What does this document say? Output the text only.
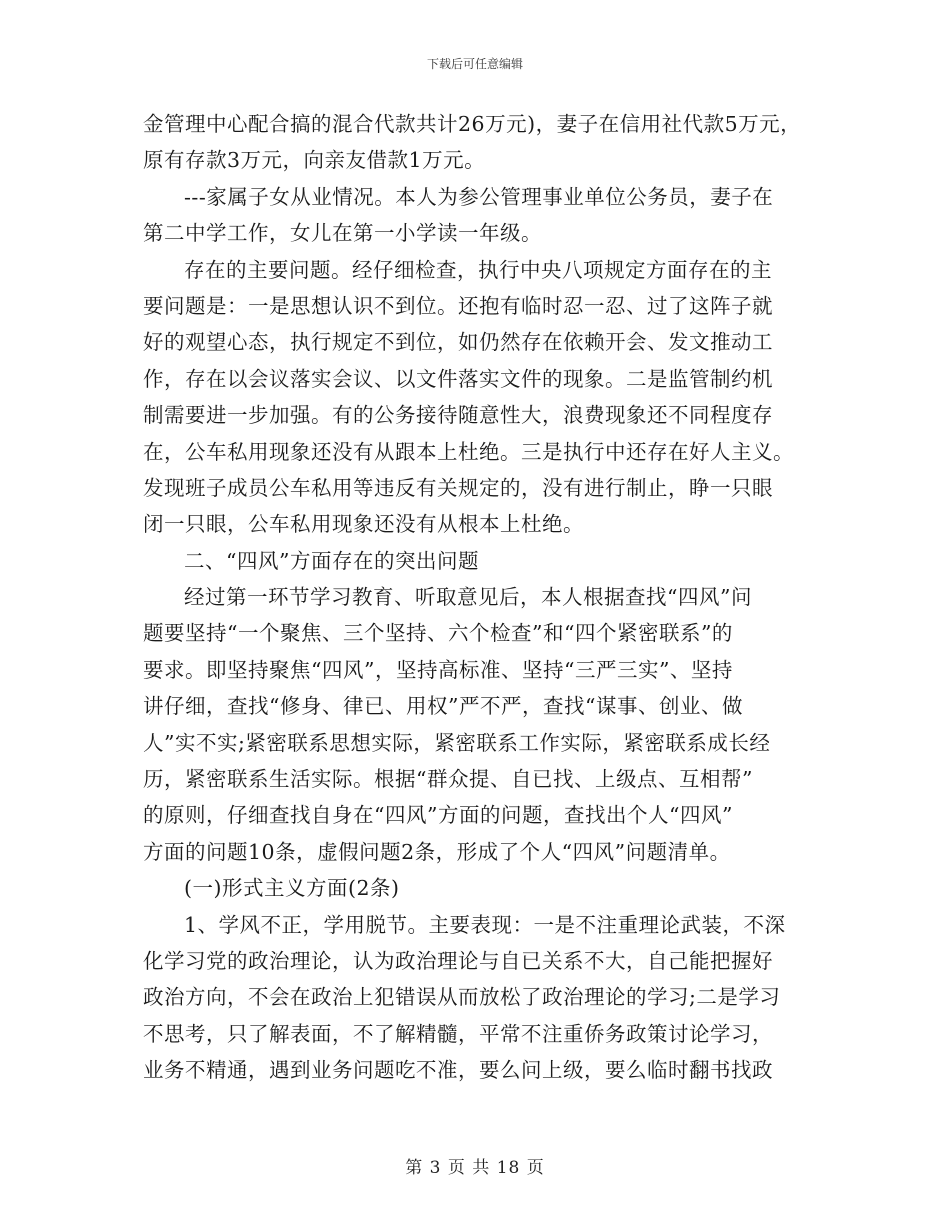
下载后可任意编辑
金管理中心配合搞的混合代款共计26万元)，妻子在信用社代款5万元，
原有存款3万元，向亲友借款1万元。
---家属子女从业情况。本人为参公管理事业单位公务员，妻子在
第二中学工作，女儿在第一小学读一年级。
存在的主要问题。经仔细检查，执行中央八项规定方面存在的主
要问题是：一是思想认识不到位。还抱有临时忍一忍、过了这阵子就
好的观望心态，执行规定不到位，如仍然存在依赖开会、发文推动工
作，存在以会议落实会议、以文件落实文件的现象。二是监管制约机
制需要进一步加强。有的公务接待随意性大，浪费现象还不同程度存
在，公车私用现象还没有从跟本上杜绝。三是执行中还存在好人主义。
发现班子成员公车私用等违反有关规定的，没有进行制止，睁一只眼
闭一只眼，公车私用现象还没有从根本上杜绝。
二、“四风”方面存在的突出问题
经过第一环节学习教育、听取意见后，本人根据查找“四风”问
题要坚持“一个聚焦、三个坚持、六个检查”和“四个紧密联系”的
要求。即坚持聚焦“四风”，坚持高标准、坚持“三严三实”、坚持
讲仔细，查找“修身、律已、用权”严不严，查找“谋事、创业、做
人”实不实;紧密联系思想实际，紧密联系工作实际，紧密联系成长经
历，紧密联系生活实际。根据“群众提、自已找、上级点、互相帮”
的原则，仔细查找自身在“四风”方面的问题，查找出个人“四风”
方面的问题10条，虚假问题2条，形成了个人“四风”问题清单。
(一)形式主义方面(2条)
1、学风不正，学用脱节。主要表现：一是不注重理论武装，不深
化学习党的政治理论，认为政治理论与自已关系不大，自己能把握好
政治方向，不会在政治上犯错误从而放松了政治理论的学习;二是学习
不思考，只了解表面，不了解精髓，平常不注重侨务政策讨论学习，
业务不精通，遇到业务问题吃不准，要么问上级，要么临时翻书找政
第 3 页 共 18 页
